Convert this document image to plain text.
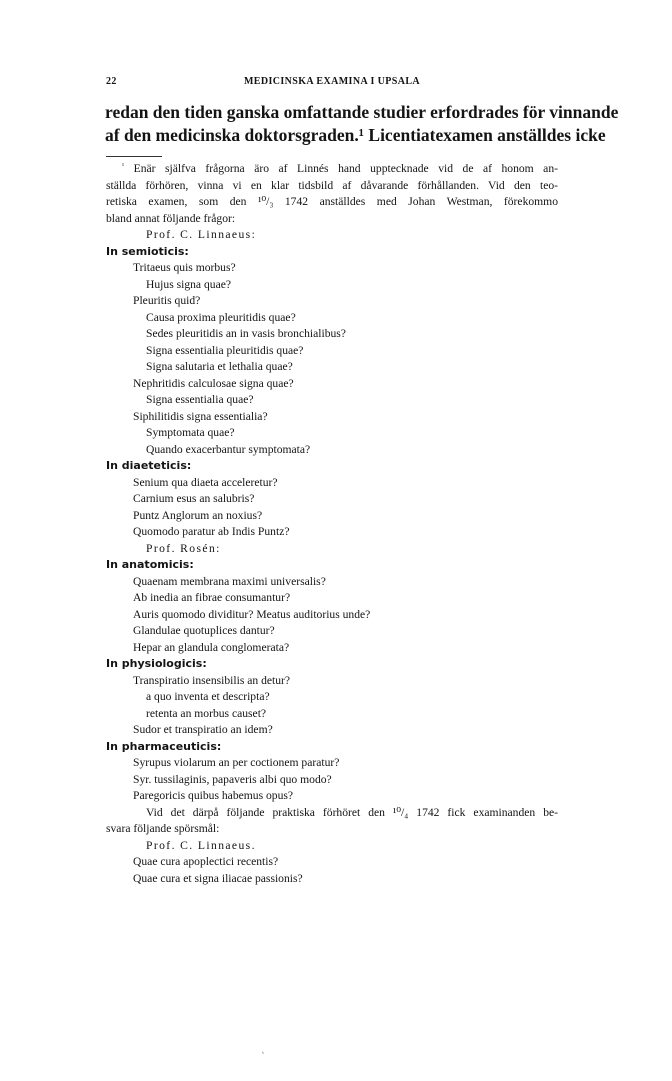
22	MEDICINSKA EXAMINA I UPSALA
redan den tiden ganska omfattande studier erfordrades för vinnande
af den medicinska doktorsgraden.¹ Licentiatexamen anställdes icke
$^{^1}$ Enär själfva frågorna äro af Linnés hand upptecknade vid de af honom an-
ställda förhören, vinna vi en klar tidsbild af dåvarande förhållanden. Vid den teo-
retiska examen, som den ¹⁰/₃ 1742 anställdes med Johan Westman, förekommo
bland annat följande frågor:
Prof. C. Linnaeus:
In semioticis:
Tritaeus quis morbus?
Hujus signa quae?
Pleuritis quid?
Causa proxima pleuritidis quae?
Sedes pleuritidis an in vasis bronchialibus?
Signa essentialia pleuritidis quae?
Signa salutaria et lethalia quae?
Nephritidis calculosae signa quae?
Signa essentialia quae?
Siphilitidis signa essentialia?
Symptomata quae?
Quando exacerbantur symptomata?
In diaeteticis:
Senium qua diaeta acceleretur?
Carnium esus an salubris?
Puntz Anglorum an noxius?
Quomodo paratur ab Indis Puntz?
Prof. Rosén:
In anatomicis:
Quaenam membrana maximi universalis?
Ab inedia an fibrae consumantur?
Auris quomodo dividitur? Meatus auditorius unde?
Glandulae quotuplices dantur?
Hepar an glandula conglomerata?
In physiologicis:
Transpiratio insensibilis an detur?
a quo inventa et descripta?
retenta an morbus causet?
Sudor et transpiratio an idem?
In pharmaceuticis:
Syrupus violarum an per coctionem paratur?
Syr. tussilaginis, papaveris albi quo modo?
Paregoricis quibus habemus opus?
Vid det därpå följande praktiska förhöret den ¹⁰/₄ 1742 fick examinanden be-
svara följande spörsmål:
Prof. C. Linnaeus.
Quae cura apoplectici recentis?
Quae cura et signa iliacae passionis?
˛
